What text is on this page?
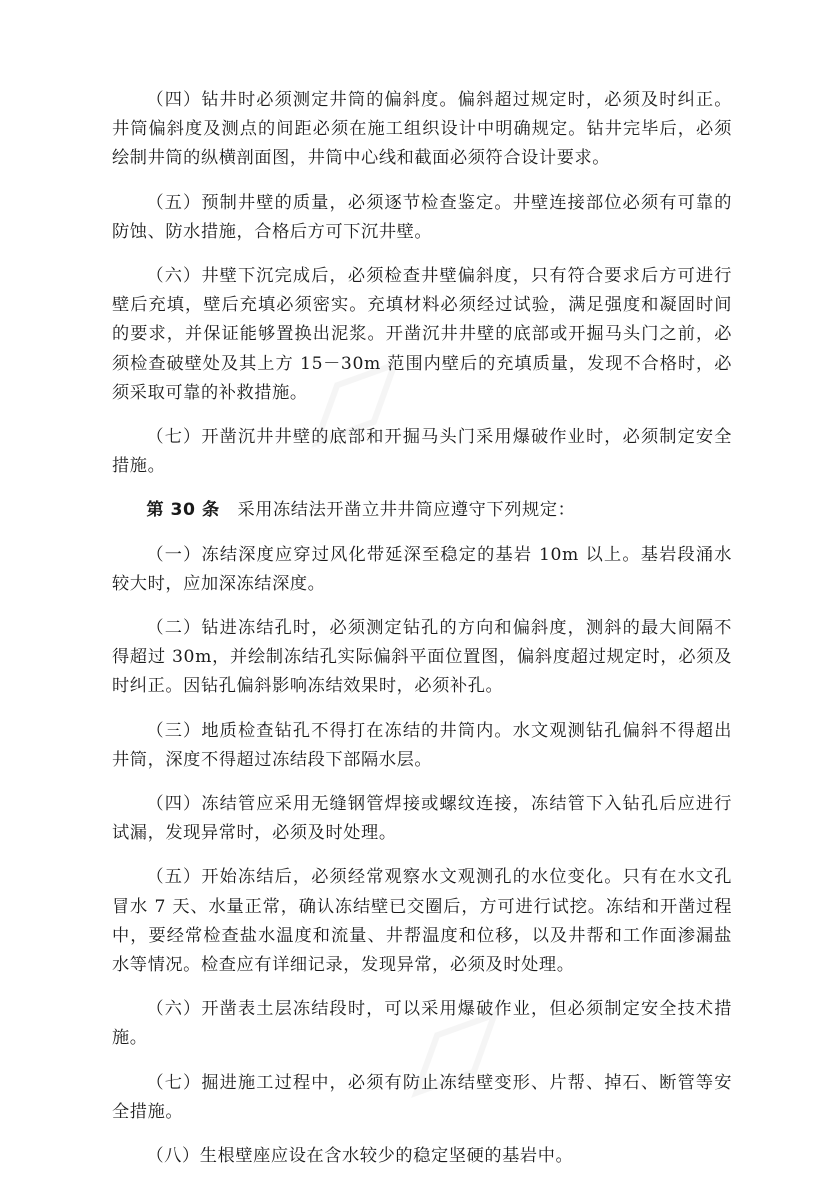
◊
◊

（四）钻井时必须测定井筒的偏斜度。偏斜超过规定时，必须及时纠正。井筒偏斜度及测点的间距必须在施工组织设计中明确规定。钻井完毕后，必须绘制井筒的纵横剖面图，井筒中心线和截面必须符合设计要求。

（五）预制井壁的质量，必须逐节检查鉴定。井壁连接部位必须有可靠的防蚀、防水措施，合格后方可下沉井壁。

（六）井壁下沉完成后，必须检查井壁偏斜度，只有符合要求后方可进行壁后充填，壁后充填必须密实。充填材料必须经过试验，满足强度和凝固时间的要求，并保证能够置换出泥浆。开凿沉井井壁的底部或开掘马头门之前，必须检查破壁处及其上方 15－30m 范围内壁后的充填质量，发现不合格时，必须采取可靠的补救措施。

（七）开凿沉井井壁的底部和开掘马头门采用爆破作业时，必须制定安全措施。

第 30 条　采用冻结法开凿立井井筒应遵守下列规定：

（一）冻结深度应穿过风化带延深至稳定的基岩 10m 以上。基岩段涌水较大时，应加深冻结深度。

（二）钻进冻结孔时，必须测定钻孔的方向和偏斜度，测斜的最大间隔不得超过 30m，并绘制冻结孔实际偏斜平面位置图，偏斜度超过规定时，必须及时纠正。因钻孔偏斜影响冻结效果时，必须补孔。

（三）地质检查钻孔不得打在冻结的井筒内。水文观测钻孔偏斜不得超出井筒，深度不得超过冻结段下部隔水层。

（四）冻结管应采用无缝钢管焊接或螺纹连接，冻结管下入钻孔后应进行试漏，发现异常时，必须及时处理。

（五）开始冻结后，必须经常观察水文观测孔的水位变化。只有在水文孔冒水 7 天、水量正常，确认冻结壁已交圈后，方可进行试挖。冻结和开凿过程中，要经常检查盐水温度和流量、井帮温度和位移，以及井帮和工作面渗漏盐水等情况。检查应有详细记录，发现异常，必须及时处理。

（六）开凿表土层冻结段时，可以采用爆破作业，但必须制定安全技术措施。

（七）掘进施工过程中，必须有防止冻结壁变形、片帮、掉石、断管等安全措施。

（八）生根壁座应设在含水较少的稳定坚硬的基岩中。
